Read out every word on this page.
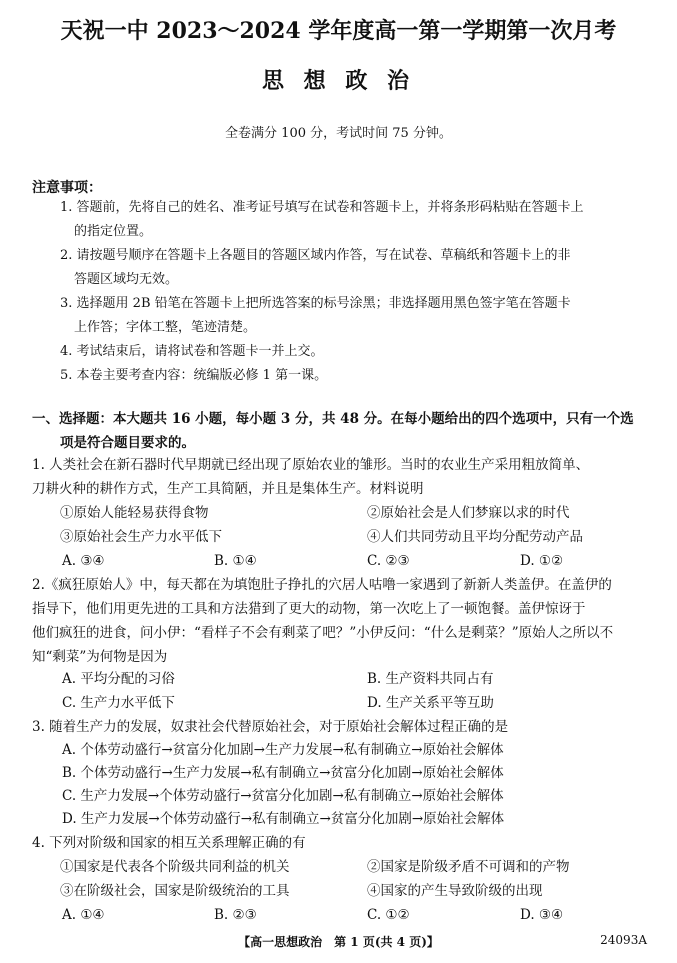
天祝一中 2023～2024 学年度高一第一学期第一次月考
思 想 政 治
全卷满分 100 分，考试时间 75 分钟。
注意事项：
1. 答题前，先将自己的姓名、准考证号填写在试卷和答题卡上，并将条形码粘贴在答题卡上
的指定位置。
2. 请按题号顺序在答题卡上各题目的答题区域内作答，写在试卷、草稿纸和答题卡上的非
答题区域均无效。
3. 选择题用 2B 铅笔在答题卡上把所选答案的标号涂黑；非选择题用黑色签字笔在答题卡
上作答；字体工整，笔迹清楚。
4. 考试结束后，请将试卷和答题卡一并上交。
5. 本卷主要考查内容：统编版必修 1 第一课。
一、选择题：本大题共 16 小题，每小题 3 分，共 48 分。在每小题给出的四个选项中，只有一个选
项是符合题目要求的。
1. 人类社会在新石器时代早期就已经出现了原始农业的雏形。当时的农业生产采用粗放简单、
刀耕火种的耕作方式，生产工具简陋，并且是集体生产。材料说明
①原始人能轻易获得食物	②原始社会是人们梦寐以求的时代
③原始社会生产力水平低下	④人们共同劳动且平均分配劳动产品
A. ③④	B. ①④	C. ②③	D. ①②
2.《疯狂原始人》中，每天都在为填饱肚子挣扎的穴居人咕噜一家遇到了新新人类盖伊。在盖伊的
指导下，他们用更先进的工具和方法猎到了更大的动物，第一次吃上了一顿饱餐。盖伊惊讶于
他们疯狂的进食，问小伊：“看样子不会有剩菜了吧？”小伊反问：“什么是剩菜？”原始人之所以不
知“剩菜”为何物是因为
A. 平均分配的习俗	B. 生产资料共同占有
C. 生产力水平低下	D. 生产关系平等互助
3. 随着生产力的发展，奴隶社会代替原始社会，对于原始社会解体过程正确的是
A. 个体劳动盛行→贫富分化加剧→生产力发展→私有制确立→原始社会解体
B. 个体劳动盛行→生产力发展→私有制确立→贫富分化加剧→原始社会解体
C. 生产力发展→个体劳动盛行→贫富分化加剧→私有制确立→原始社会解体
D. 生产力发展→个体劳动盛行→私有制确立→贫富分化加剧→原始社会解体
4. 下列对阶级和国家的相互关系理解正确的有
①国家是代表各个阶级共同利益的机关	②国家是阶级矛盾不可调和的产物
③在阶级社会，国家是阶级统治的工具	④国家的产生导致阶级的出现
A. ①④	B. ②③	C. ①②	D. ③④
【高一思想政治　第 1 页(共 4 页)】	24093A
